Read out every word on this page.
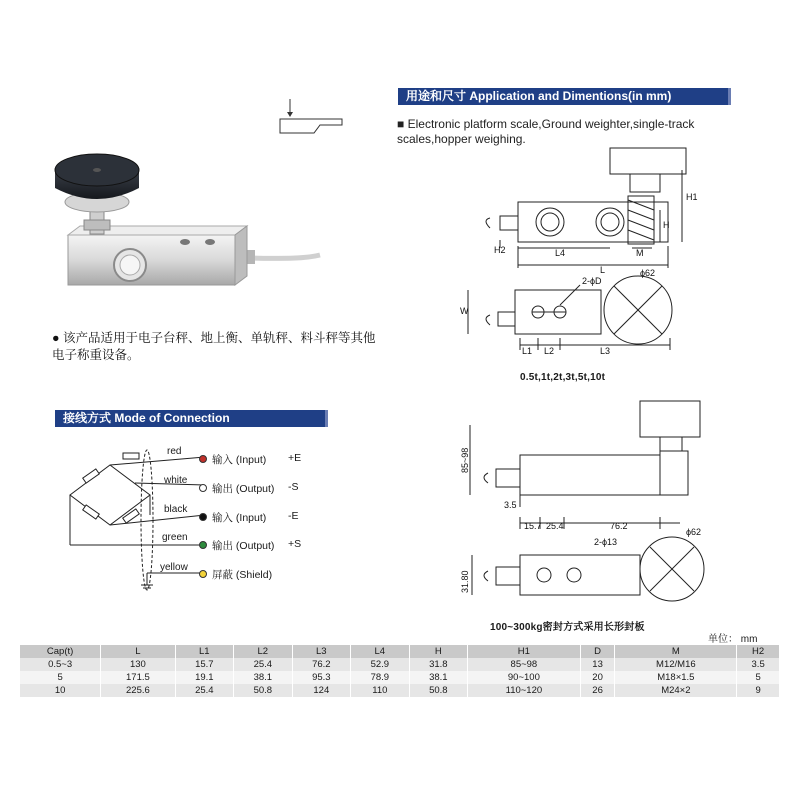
用途和尺寸 Application and Dimentions(in mm)
■ Electronic platform scale,Ground weighter,single-track scales,hopper weighing.
● 该产品适用于电子台秤、地上衡、单轨秤、料斗秤等其他电子称重设备。
H1
H
H2	L4	M
L
2-ϕD
ϕ62
W
L1 L2	L3
0.5t,1t,2t,3t,5t,10t
85~98
3.5
15.7 25.4	76.2
2-ϕ13
ϕ62
31.80
100~300kg密封方式采用长形封板
接线方式 Mode of Connection
red
输入 (Input) +E
white
输出 (Output) -S
black
输入 (Input) -E
green
输出 (Output) +S
yellow
屏蔽 (Shield)
单位： mm
Cap(t)	L	L1	L2	L3	L4	H	H1	D	M	H2
0.5~3	130	15.7	25.4	76.2	52.9	31.8	85~98	13	M12/M16	3.5
5	171.5	19.1	38.1	95.3	78.9	38.1	90~100	20	M18×1.5	5
10	225.6	25.4	50.8	124	110	50.8	110~120	26	M24×2	9
